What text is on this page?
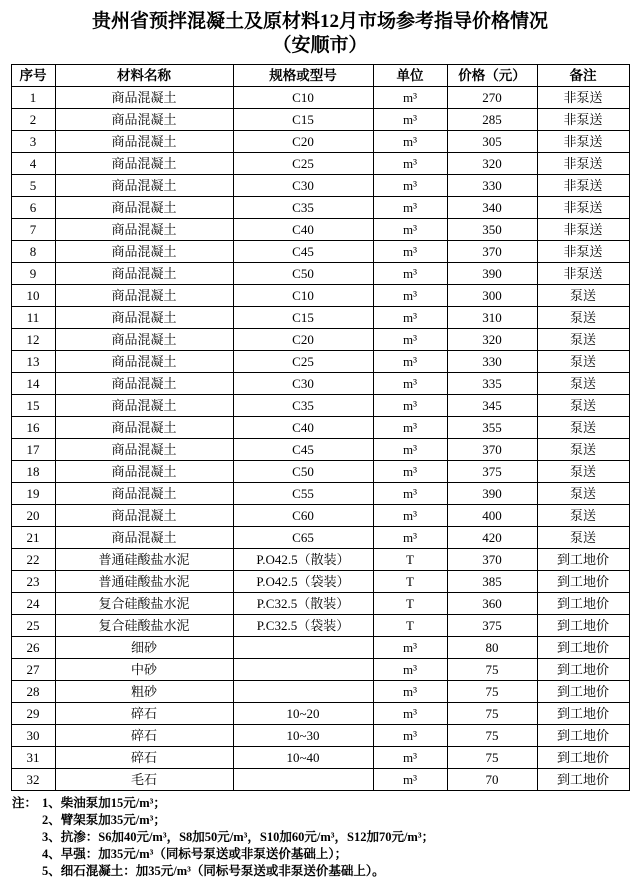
贵州省预拌混凝土及原材料12月市场参考指导价格情况
（安顺市）
序号	材料名称	规格或型号	单位	价格（元）	备注
1	商品混凝土	C10	m³	270	非泵送
2	商品混凝土	C15	m³	285	非泵送
3	商品混凝土	C20	m³	305	非泵送
4	商品混凝土	C25	m³	320	非泵送
5	商品混凝土	C30	m³	330	非泵送
6	商品混凝土	C35	m³	340	非泵送
7	商品混凝土	C40	m³	350	非泵送
8	商品混凝土	C45	m³	370	非泵送
9	商品混凝土	C50	m³	390	非泵送
10	商品混凝土	C10	m³	300	泵送
11	商品混凝土	C15	m³	310	泵送
12	商品混凝土	C20	m³	320	泵送
13	商品混凝土	C25	m³	330	泵送
14	商品混凝土	C30	m³	335	泵送
15	商品混凝土	C35	m³	345	泵送
16	商品混凝土	C40	m³	355	泵送
17	商品混凝土	C45	m³	370	泵送
18	商品混凝土	C50	m³	375	泵送
19	商品混凝土	C55	m³	390	泵送
20	商品混凝土	C60	m³	400	泵送
21	商品混凝土	C65	m³	420	泵送
22	普通硅酸盐水泥	P.O42.5（散装）	T	370	到工地价
23	普通硅酸盐水泥	P.O42.5（袋装）	T	385	到工地价
24	复合硅酸盐水泥	P.C32.5（散装）	T	360	到工地价
25	复合硅酸盐水泥	P.C32.5（袋装）	T	375	到工地价
26	细砂		m³	80	到工地价
27	中砂		m³	75	到工地价
28	粗砂		m³	75	到工地价
29	碎石	10~20	m³	75	到工地价
30	碎石	10~30	m³	75	到工地价
31	碎石	10~40	m³	75	到工地价
32	毛石		m³	70	到工地价
注： 1、柴油泵加15元/m³；
2、臂架泵加35元/m³；
3、抗渗：S6加40元/m³，S8加50元/m³，S10加60元/m³，S12加70元/m³；
4、早强：加35元/m³（同标号泵送或非泵送价基础上）；
5、细石混凝土：加35元/m³（同标号泵送或非泵送价基础上）。
